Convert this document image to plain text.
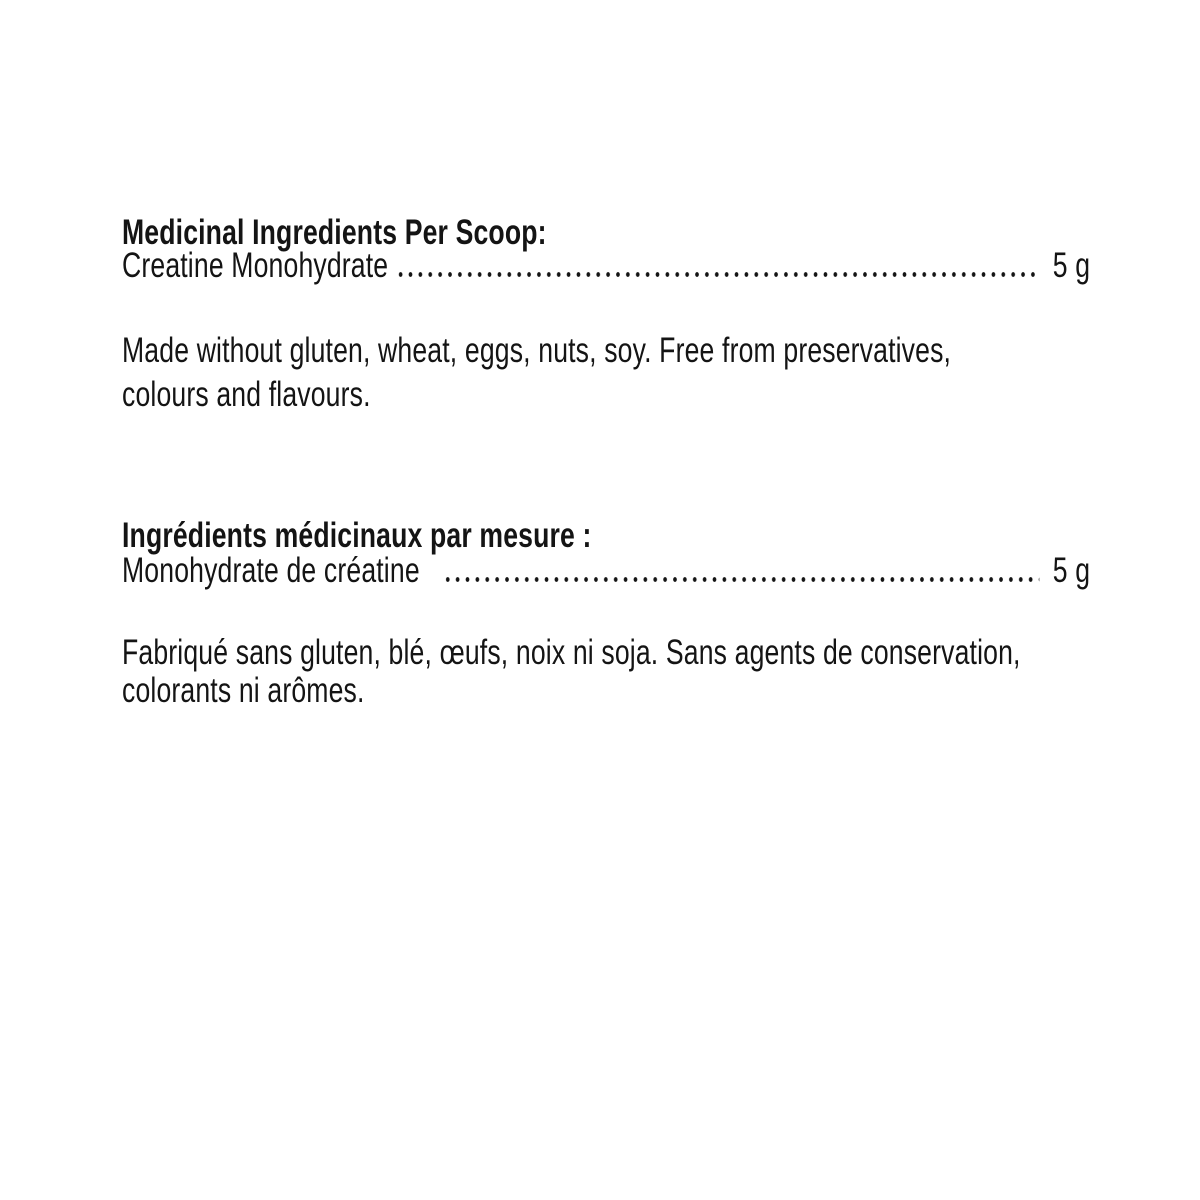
Medicinal Ingredients Per Scoop:
Creatine Monohydrate	5 g
Made without gluten, wheat, eggs, nuts, soy. Free from preservatives,
colours and flavours.
Ingrédients médicinaux par mesure :
Monohydrate de créatine	5 g
Fabriqué sans gluten, blé, œufs, noix ni soja. Sans agents de conservation,
colorants ni arômes.
